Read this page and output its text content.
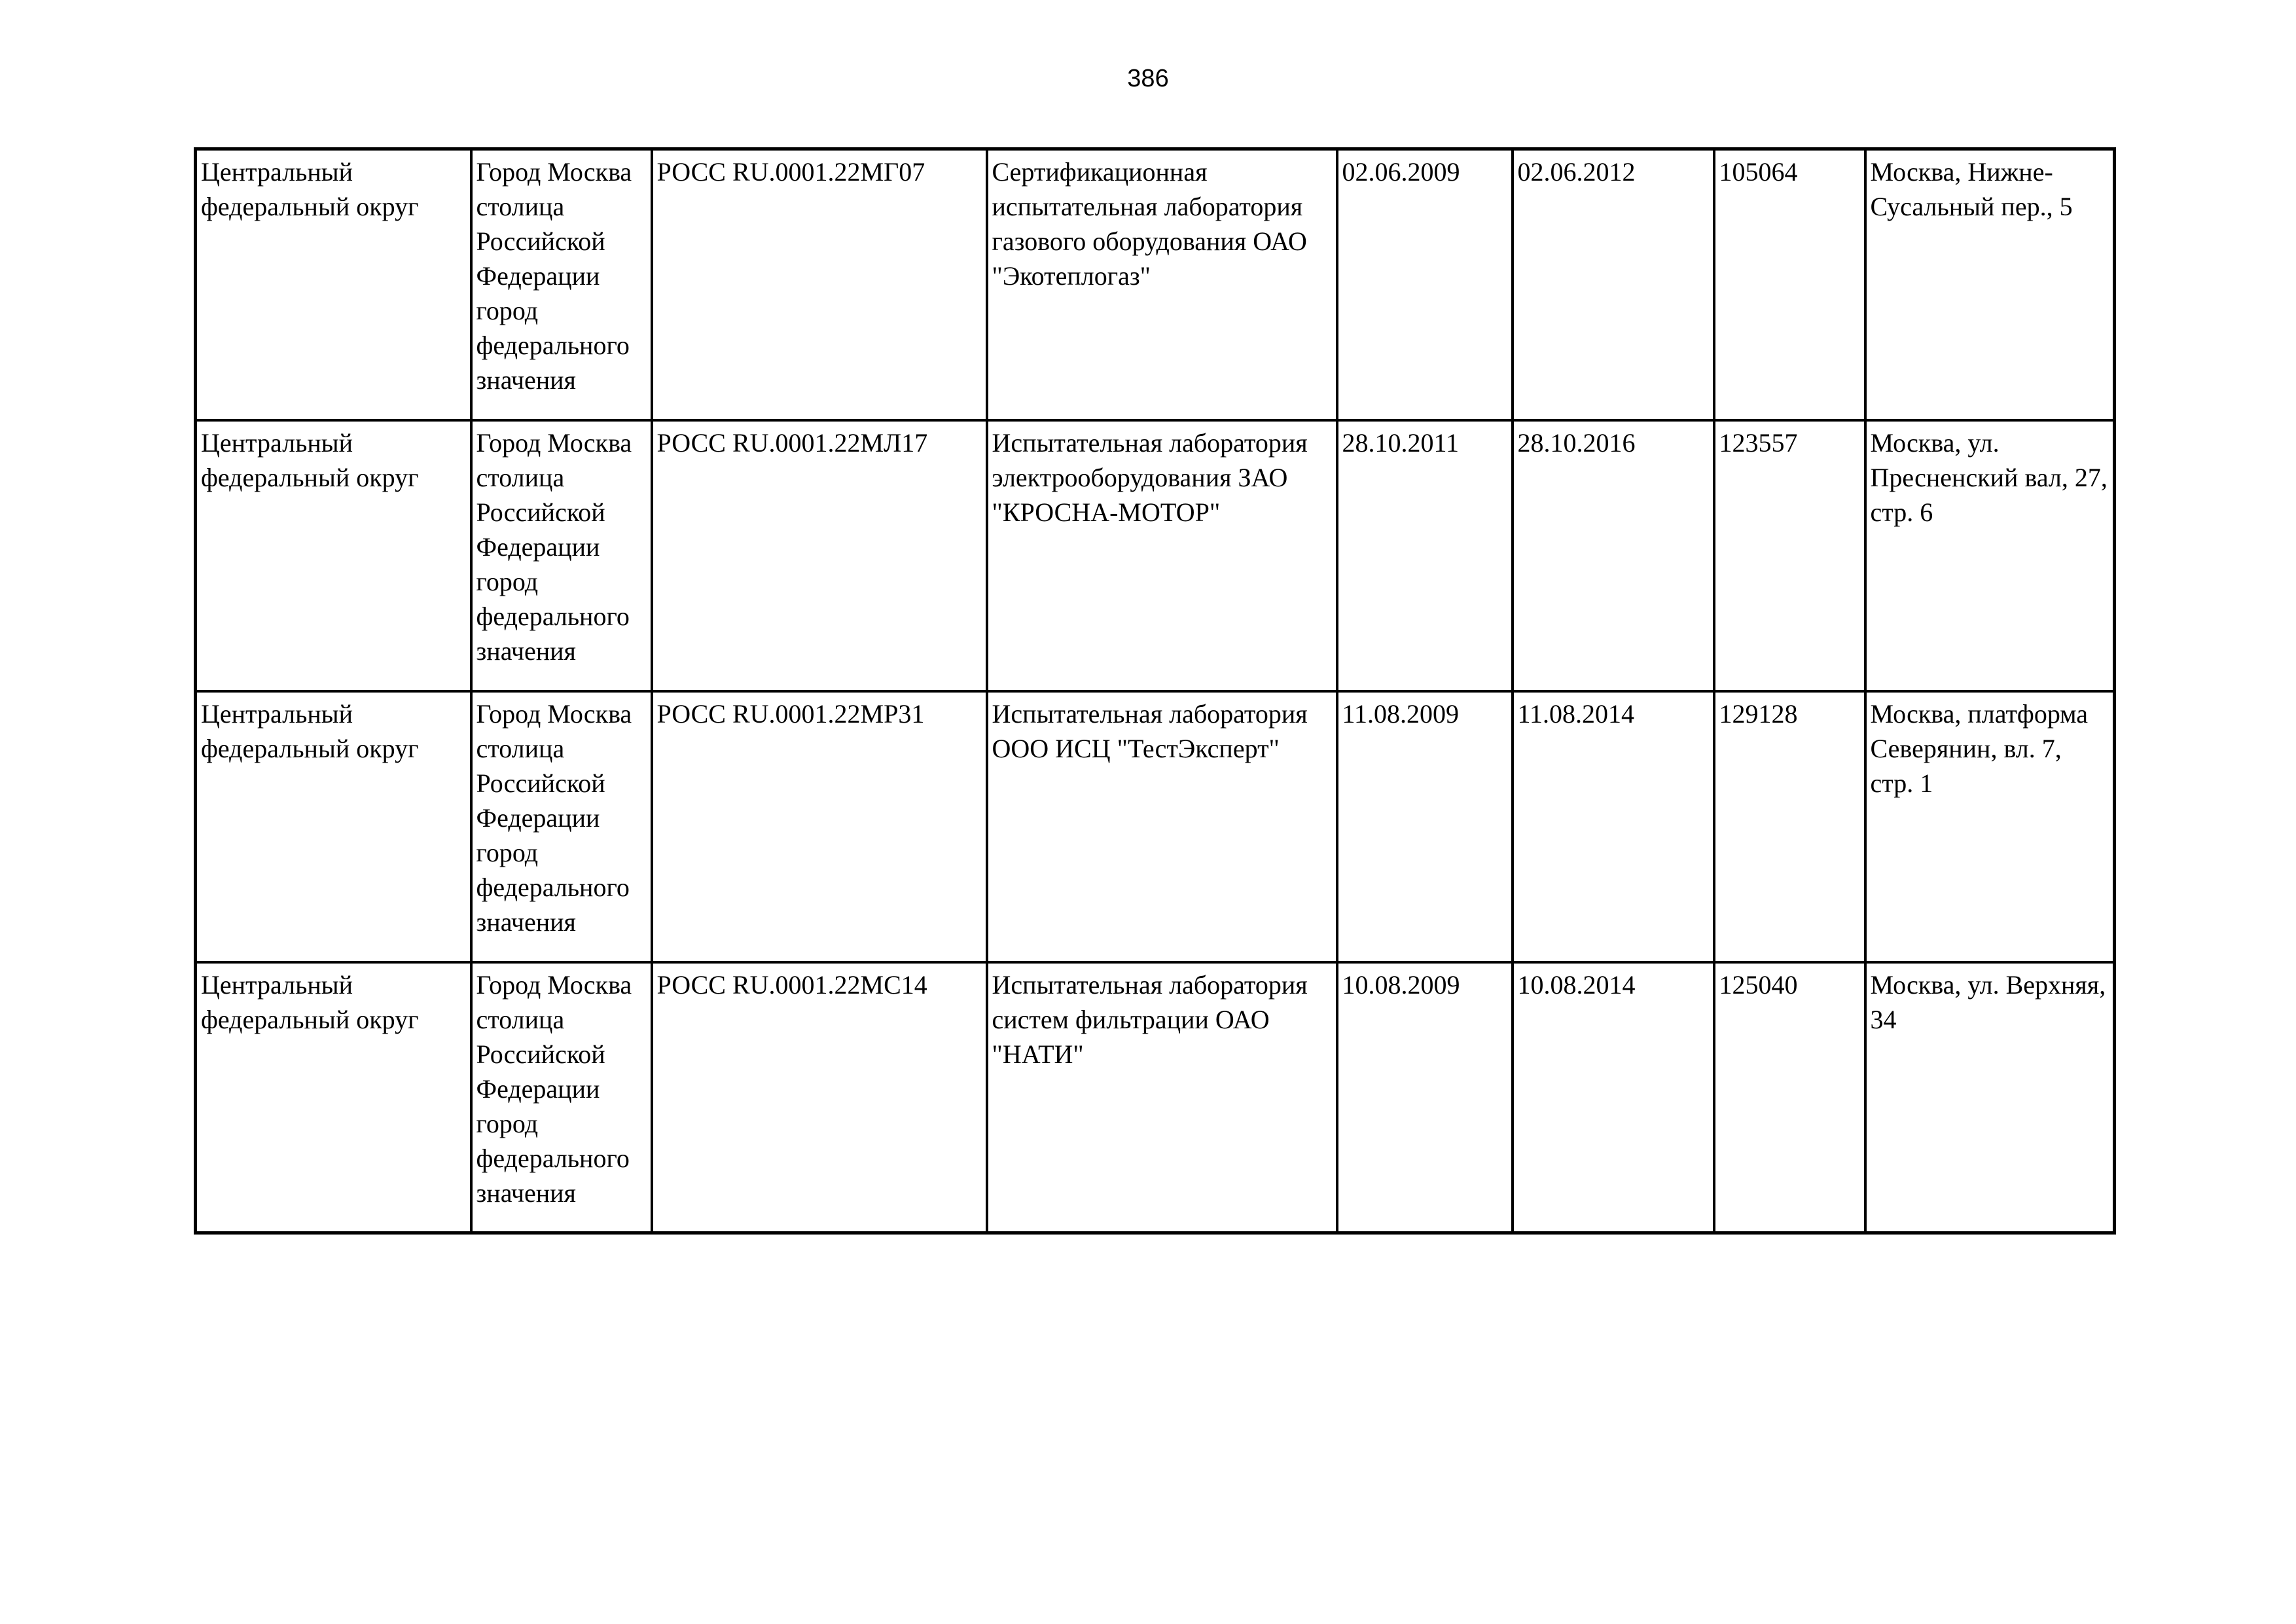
386
Центральный федеральный округ	Город Москва столица Российской Федерации город федерального значения	РОСС RU.0001.22МГ07	Сертификационная испытательная лаборатория газового оборудования ОАО "Экотеплогаз"	02.06.2009	02.06.2012	105064	Москва, Нижне-Сусальный пер., 5

Центральный федеральный округ	Город Москва столица Российской Федерации город федерального значения	РОСС RU.0001.22МЛ17	Испытательная лаборатория электрооборудования ЗАО "КРОСНА-МОТОР"	28.10.2011	28.10.2016	123557	Москва, ул. Пресненский вал, 27, стр. 6

Центральный федеральный округ	Город Москва столица Российской Федерации город федерального значения	РОСС RU.0001.22МР31	Испытательная лаборатория ООО ИСЦ "ТестЭксперт"	11.08.2009	11.08.2014	129128	Москва, платформа Северянин, вл. 7, стр. 1

Центральный федеральный округ	Город Москва столица Российской Федерации город федерального значения	РОСС RU.0001.22МС14	Испытательная лаборатория систем фильтрации ОАО "НАТИ"	10.08.2009	10.08.2014	125040	Москва, ул. Верхняя, 34
